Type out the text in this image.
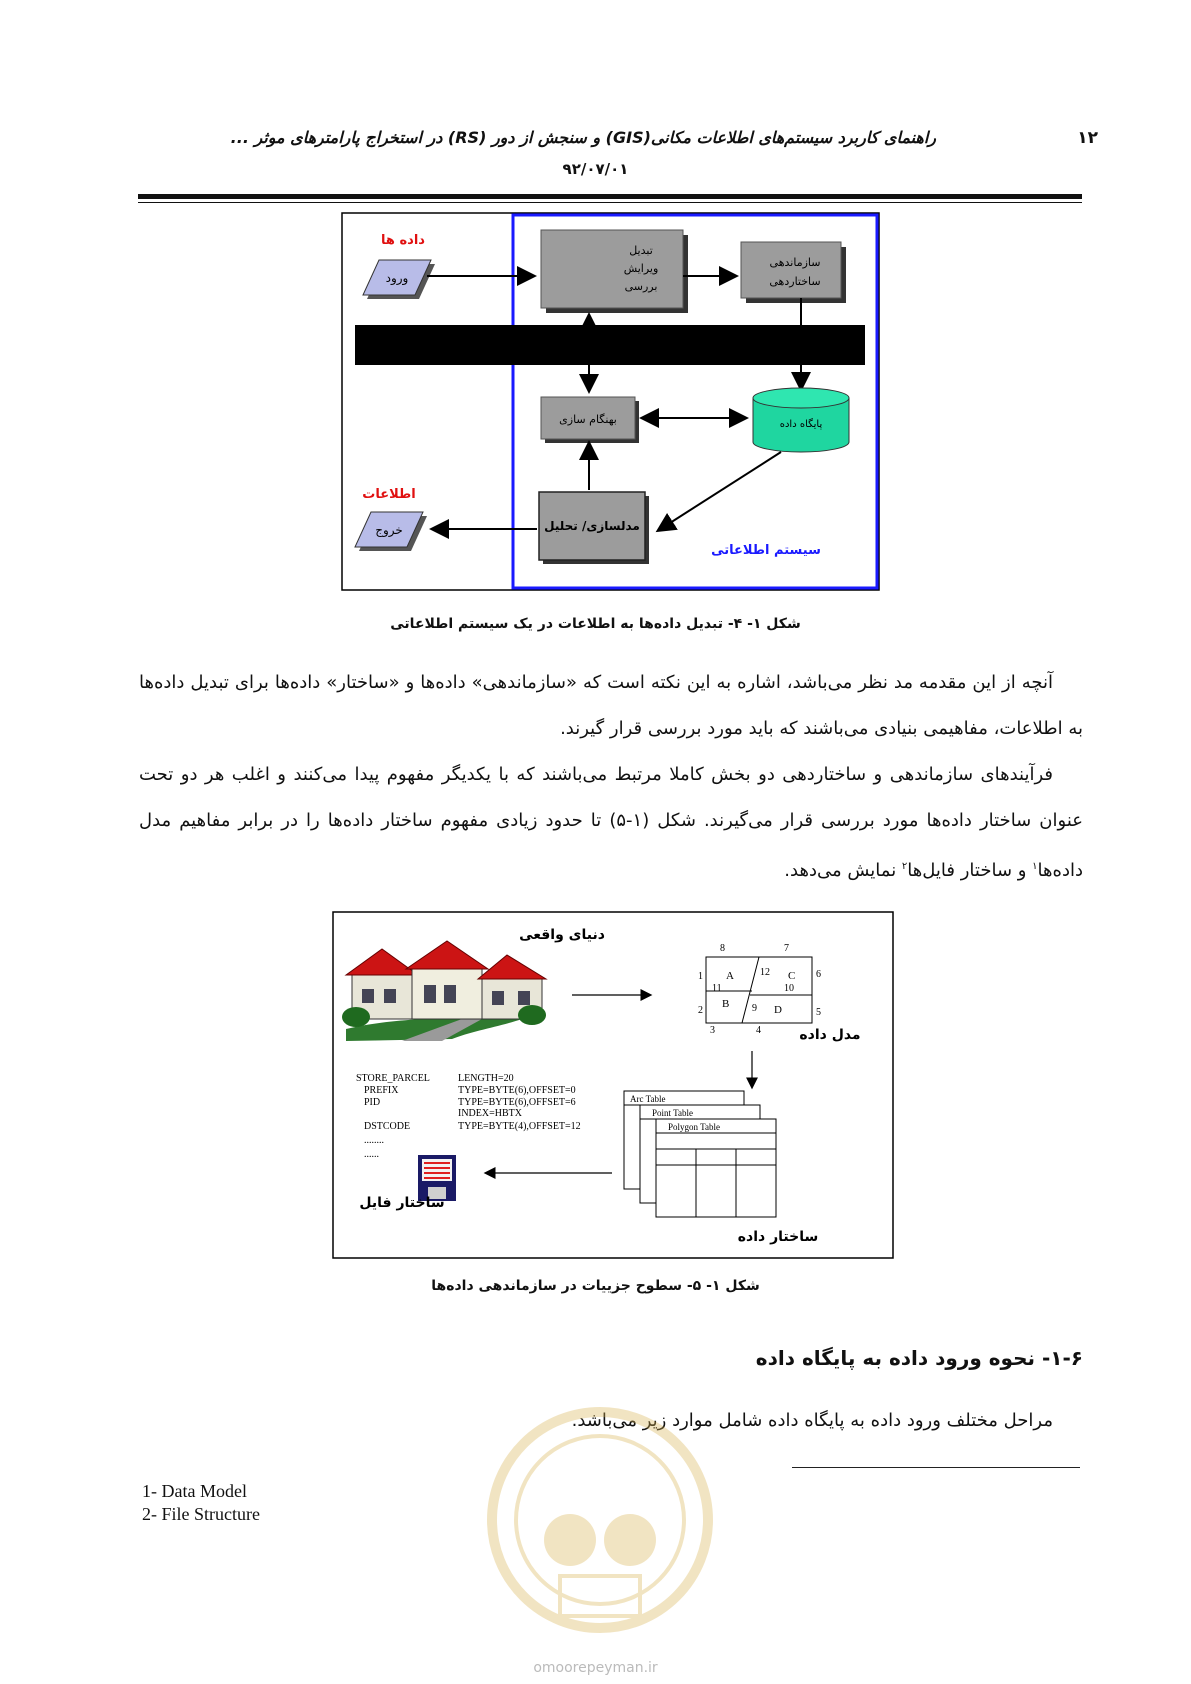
راهنمای کاربرد سیستم‌های اطلاعات مکانی(GIS) و سنجش از دور (RS) در استخراج پارامترهای موثر ...	۱۲
۹۲/۰۷/۰۱
داده ها
ورود
تبدیل
ویرایش
بررسی
سازماندهی
ساختاردهی
بهنگام سازی	پایگاه داده
مدلسازی/ تحلیل
اطلاعات
خروج
سیستم اطلاعاتی
شکل ۱- ۴- تبدیل داده‌ها به اطلاعات در یک سیستم اطلاعاتی

آنچه از این مقدمه مد نظر می‌باشد، اشاره به این نکته است که «سازماندهی» داده‌ها و «ساختار» داده‌ها برای تبدیل داده‌ها به اطلاعات، مفاهیمی بنیادی می‌باشند که باید مورد بررسی قرار گیرند.

فرآیندهای سازماندهی و ساختاردهی دو بخش کاملا مرتبط می‌باشند که با یکدیگر مفهوم پیدا می‌کنند و اغلب هر دو تحت عنوان ساختار داده‌ها مورد بررسی قرار می‌گیرند. شکل (۱-۵) تا حدود زیادی مفهوم ساختار داده‌ها را در برابر مفاهیم مدل داده‌ها$^۱$ و ساختار فایل‌ها$^۲$ نمایش می‌دهد.

دنیای واقعی
8	7
1	6
2	5
3	4
12
10
11
9
A	C
B	D
مدل داده
STORE_PARCEL	LENGTH=20
PREFIX	TYPE=BYTE(6),OFFSET=0
PID	TYPE=BYTE(6),OFFSET=6
INDEX=HBTX
DSTCODE	TYPE=BYTE(4),OFFSET=12
........
......
Arc Table
Point Table
Polygon Table
ساختار فایل
ساختار داده
شکل ۱- ۵- سطوح جزییات در سازماندهی داده‌ها
۱-۶- نحوه ورود داده به پایگاه داده
مراحل مختلف ورود داده به پایگاه داده شامل موارد زیر می‌باشد.
1- Data Model
2- File Structure
omoorepeyman.ir
